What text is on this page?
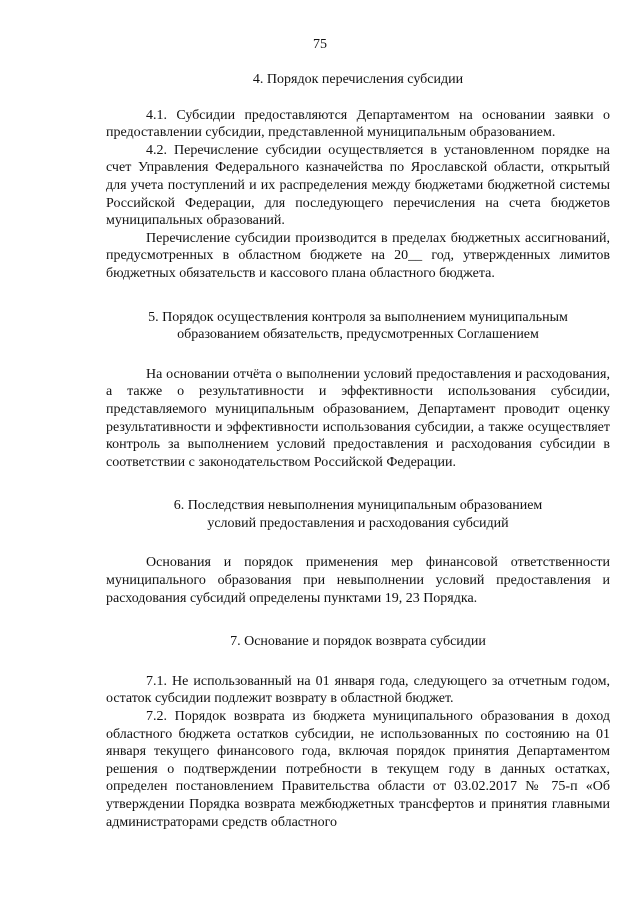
75
4. Порядок перечисления субсидии

4.1. Субсидии предоставляются Департаментом на основании заявки о предоставлении субсидии, представленной муниципальным образованием.

4.2. Перечисление субсидии осуществляется в установленном порядке на счет Управления Федерального казначейства по Ярославской области, открытый для учета поступлений и их распределения между бюджетами бюджетной системы Российской Федерации, для последующего перечисления на счета бюджетов муниципальных образований.

Перечисление субсидии производится в пределах бюджетных ассигнований, предусмотренных в областном бюджете на 20__ год, утвержденных лимитов бюджетных обязательств и кассового плана областного бюджета.

5. Порядок осуществления контроля за выполнением муниципальным
образованием обязательств, предусмотренных Соглашением

На основании отчёта о выполнении условий предоставления и расходования, а также о результативности и эффективности использования субсидии, представляемого муниципальным образованием, Департамент проводит оценку результативности и эффективности использования субсидии, а также осуществляет контроль за выполнением условий предоставления и расходования субсидии в соответствии с законодательством Российской Федерации.

6. Последствия невыполнения муниципальным образованием
условий предоставления и расходования субсидий

Основания и порядок применения мер финансовой ответственности муниципального образования при невыполнении условий предоставления и расходования субсидий определены пунктами 19, 23 Порядка.

7. Основание и порядок возврата субсидии

7.1. Не использованный на 01 января года, следующего за отчетным годом, остаток субсидии подлежит возврату в областной бюджет.

7.2. Порядок возврата из бюджета муниципального образования в доход областного бюджета остатков субсидии, не использованных по состоянию на 01 января текущего финансового года, включая порядок принятия Департаментом решения о подтверждении потребности в текущем году в данных остатках, определен постановлением Правительства области от 03.02.2017 № 75-п «Об утверждении Порядка возврата межбюджетных трансфертов и принятия главными администраторами средств областного
